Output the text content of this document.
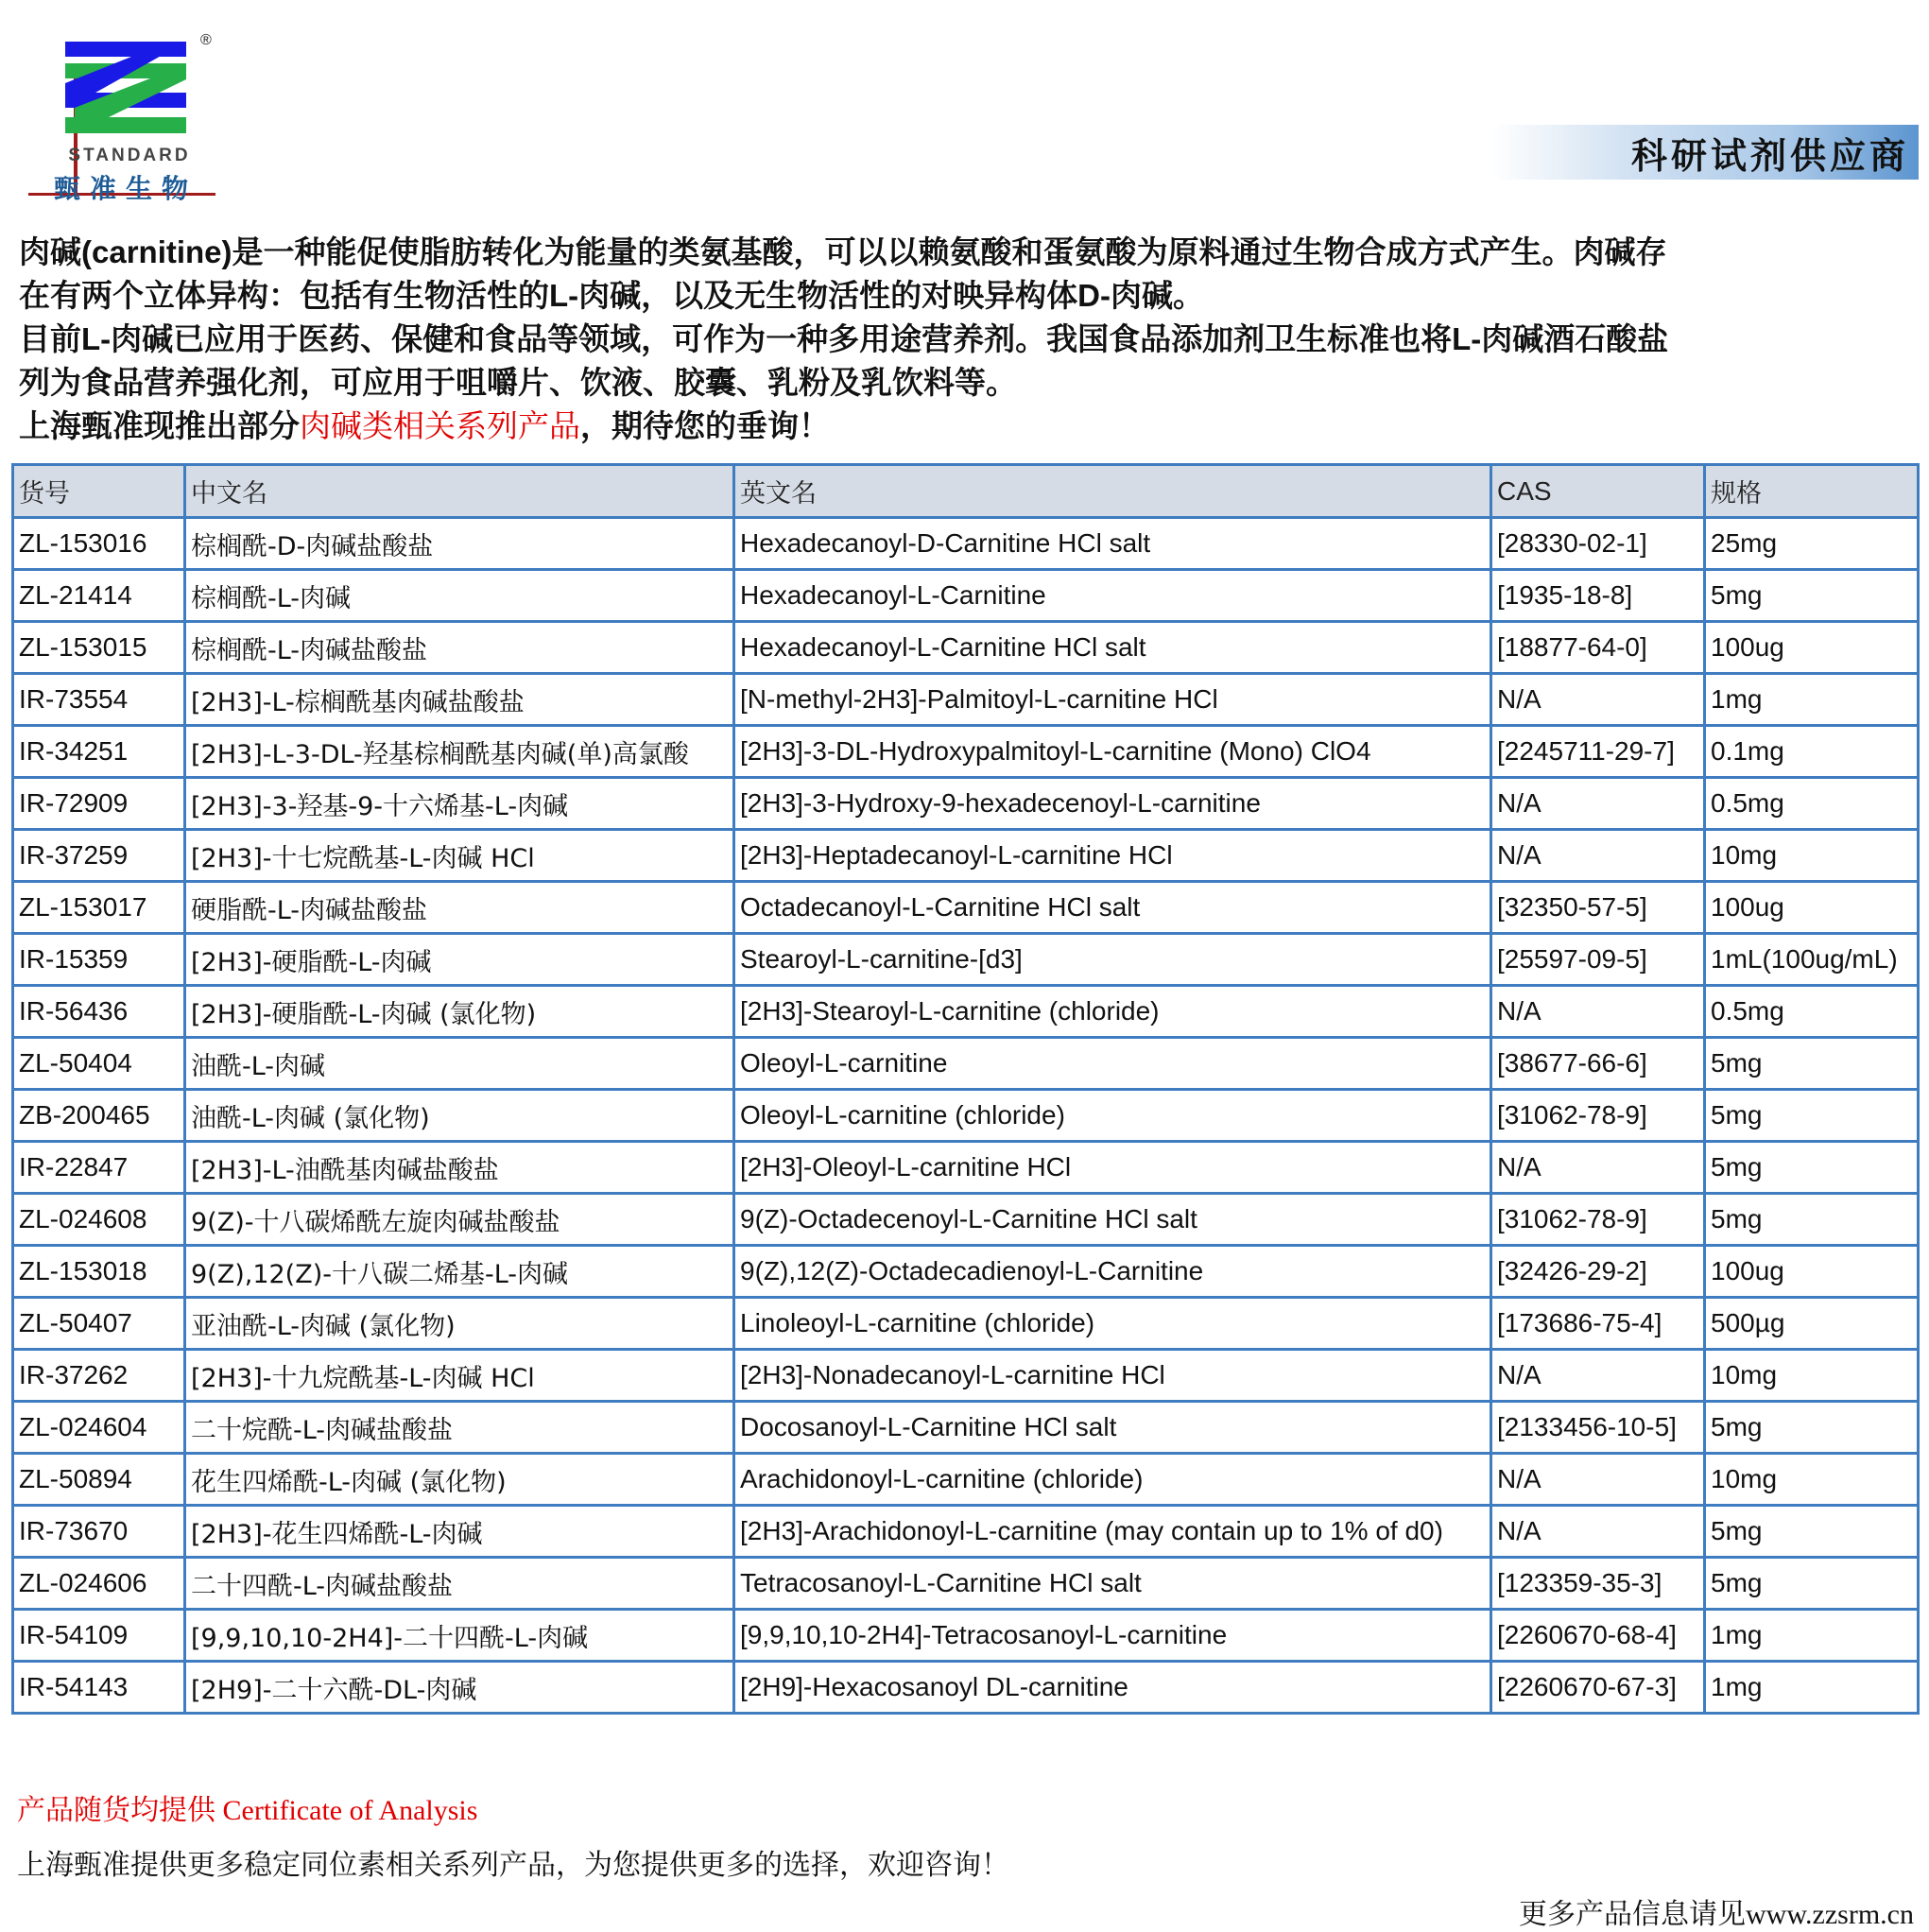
®
STANDARD
甄准生物
科研试剂供应商

肉碱(carnitine)是一种能促使脂肪转化为能量的类氨基酸，可以以赖氨酸和蛋氨酸为原料通过生物合成方式产生。肉碱存

在有两个立体异构：包括有生物活性的L-肉碱，以及无生物活性的对映异构体D-肉碱。

目前L-肉碱已应用于医药、保健和食品等领域，可作为一种多用途营养剂。我国食品添加剂卫生标准也将L-肉碱酒石酸盐

列为食品营养强化剂，可应用于咀嚼片、饮液、胶囊、乳粉及乳饮料等。

上海甄准现推出部分肉碱类相关系列产品，期待您的垂询！

货号	中文名	英文名	CAS	规格
ZL-153016	棕榈酰-D-肉碱盐酸盐	Hexadecanoyl-D-Carnitine HCl salt	[28330-02-1]	25mg
ZL-21414	棕榈酰-L-肉碱	Hexadecanoyl-L-Carnitine	[1935-18-8]	5mg
ZL-153015	棕榈酰-L-肉碱盐酸盐	Hexadecanoyl-L-Carnitine HCl salt	[18877-64-0]	100ug
IR-73554	[2H3]-L-棕榈酰基肉碱盐酸盐	[N-methyl-2H3]-Palmitoyl-L-carnitine HCl	N/A	1mg
IR-34251	[2H3]-L-3-DL-羟基棕榈酰基肉碱(单)高氯酸	[2H3]-3-DL-Hydroxypalmitoyl-L-carnitine (Mono) ClO4	[2245711-29-7]	0.1mg
IR-72909	[2H3]-3-羟基-9-十六烯基-L-肉碱	[2H3]-3-Hydroxy-9-hexadecenoyl-L-carnitine	N/A	0.5mg
IR-37259	[2H3]-十七烷酰基-L-肉碱 HCl	[2H3]-Heptadecanoyl-L-carnitine HCl	N/A	10mg
ZL-153017	硬脂酰-L-肉碱盐酸盐	Octadecanoyl-L-Carnitine HCl salt	[32350-57-5]	100ug
IR-15359	[2H3]-硬脂酰-L-肉碱	Stearoyl-L-carnitine-[d3]	[25597-09-5]	1mL(100ug/mL)
IR-56436	[2H3]-硬脂酰-L-肉碱 (氯化物)	[2H3]-Stearoyl-L-carnitine (chloride)	N/A	0.5mg
ZL-50404	油酰-L-肉碱	Oleoyl-L-carnitine	[38677-66-6]	5mg
ZB-200465	油酰-L-肉碱 (氯化物)	Oleoyl-L-carnitine (chloride)	[31062-78-9]	5mg
IR-22847	[2H3]-L-油酰基肉碱盐酸盐	[2H3]-Oleoyl-L-carnitine HCl	N/A	5mg
ZL-024608	9(Z)-十八碳烯酰左旋肉碱盐酸盐	9(Z)-Octadecenoyl-L-Carnitine HCl salt	[31062-78-9]	5mg
ZL-153018	9(Z),12(Z)-十八碳二烯基-L-肉碱	9(Z),12(Z)-Octadecadienoyl-L-Carnitine	[32426-29-2]	100ug
ZL-50407	亚油酰-L-肉碱 (氯化物)	Linoleoyl-L-carnitine (chloride)	[173686-75-4]	500µg
IR-37262	[2H3]-十九烷酰基-L-肉碱 HCl	[2H3]-Nonadecanoyl-L-carnitine HCl	N/A	10mg
ZL-024604	二十烷酰-L-肉碱盐酸盐	Docosanoyl-L-Carnitine HCl salt	[2133456-10-5]	5mg
ZL-50894	花生四烯酰-L-肉碱 (氯化物)	Arachidonoyl-L-carnitine (chloride)	N/A	10mg
IR-73670	[2H3]-花生四烯酰-L-肉碱	[2H3]-Arachidonoyl-L-carnitine (may contain up to 1% of d0)	N/A	5mg
ZL-024606	二十四酰-L-肉碱盐酸盐	Tetracosanoyl-L-Carnitine HCl salt	[123359-35-3]	5mg
IR-54109	[9,9,10,10-2H4]-二十四酰-L-肉碱	[9,9,10,10-2H4]-Tetracosanoyl-L-carnitine	[2260670-68-4]	1mg
IR-54143	[2H9]-二十六酰-DL-肉碱	[2H9]-Hexacosanoyl DL-carnitine	[2260670-67-3]	1mg
产品随货均提供 Certificate of Analysis
上海甄准提供更多稳定同位素相关系列产品，为您提供更多的选择，欢迎咨询！
更多产品信息请见www.zzsrm.cn
